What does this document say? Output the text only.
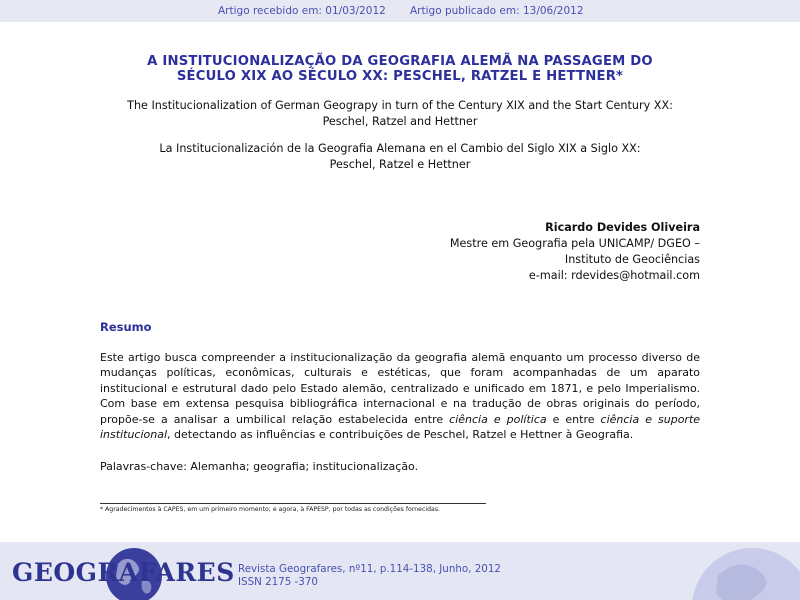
Artigo recebido em: 01/03/2012 Artigo publicado em: 13/06/2012
A INSTITUCIONALIZAÇÃO DA GEOGRAFIA ALEMÃ NA PASSAGEM DO
SÉCULO XIX AO SÉCULO XX: PESCHEL, RATZEL E HETTNER*
The Institucionalization of German Geograpy in turn of the Century XIX and the Start Century XX:
Peschel, Ratzel and Hettner
La Institucionalización de la Geografia Alemana en el Cambio del Siglo XIX a Siglo XX:
Peschel, Ratzel e Hettner
Ricardo Devides Oliveira
Mestre em Geografia pela UNICAMP/ DGEO –
Instituto de Geociências
e-mail: rdevides@hotmail.com
Resumo
Este artigo busca compreender a institucionalização da geografia alemã enquanto um processo diverso de mudanças políticas, econômicas, culturais e estéticas, que foram acompanhadas de um aparato institucional e estrutural dado pelo Estado alemão, centralizado e unificado em 1871, e pelo Imperialismo. Com base em extensa pesquisa bibliográfica internacional e na tradução de obras originais do período, propõe-se a analisar a umbilical relação estabelecida entre ciência e política e entre ciência e suporte institucional, detectando as influências e contribuições de Peschel, Ratzel e Hettner à Geografia.
Palavras-chave: Alemanha; geografia; institucionalização.
* Agradecimentos à CAPES, em um primeiro momento; e agora, à FAPESP, por todas as condições fornecidas.
GEOGRAFARES Revista Geografares, nº11, p.114-138, Junho, 2012
ISSN 2175 -370
